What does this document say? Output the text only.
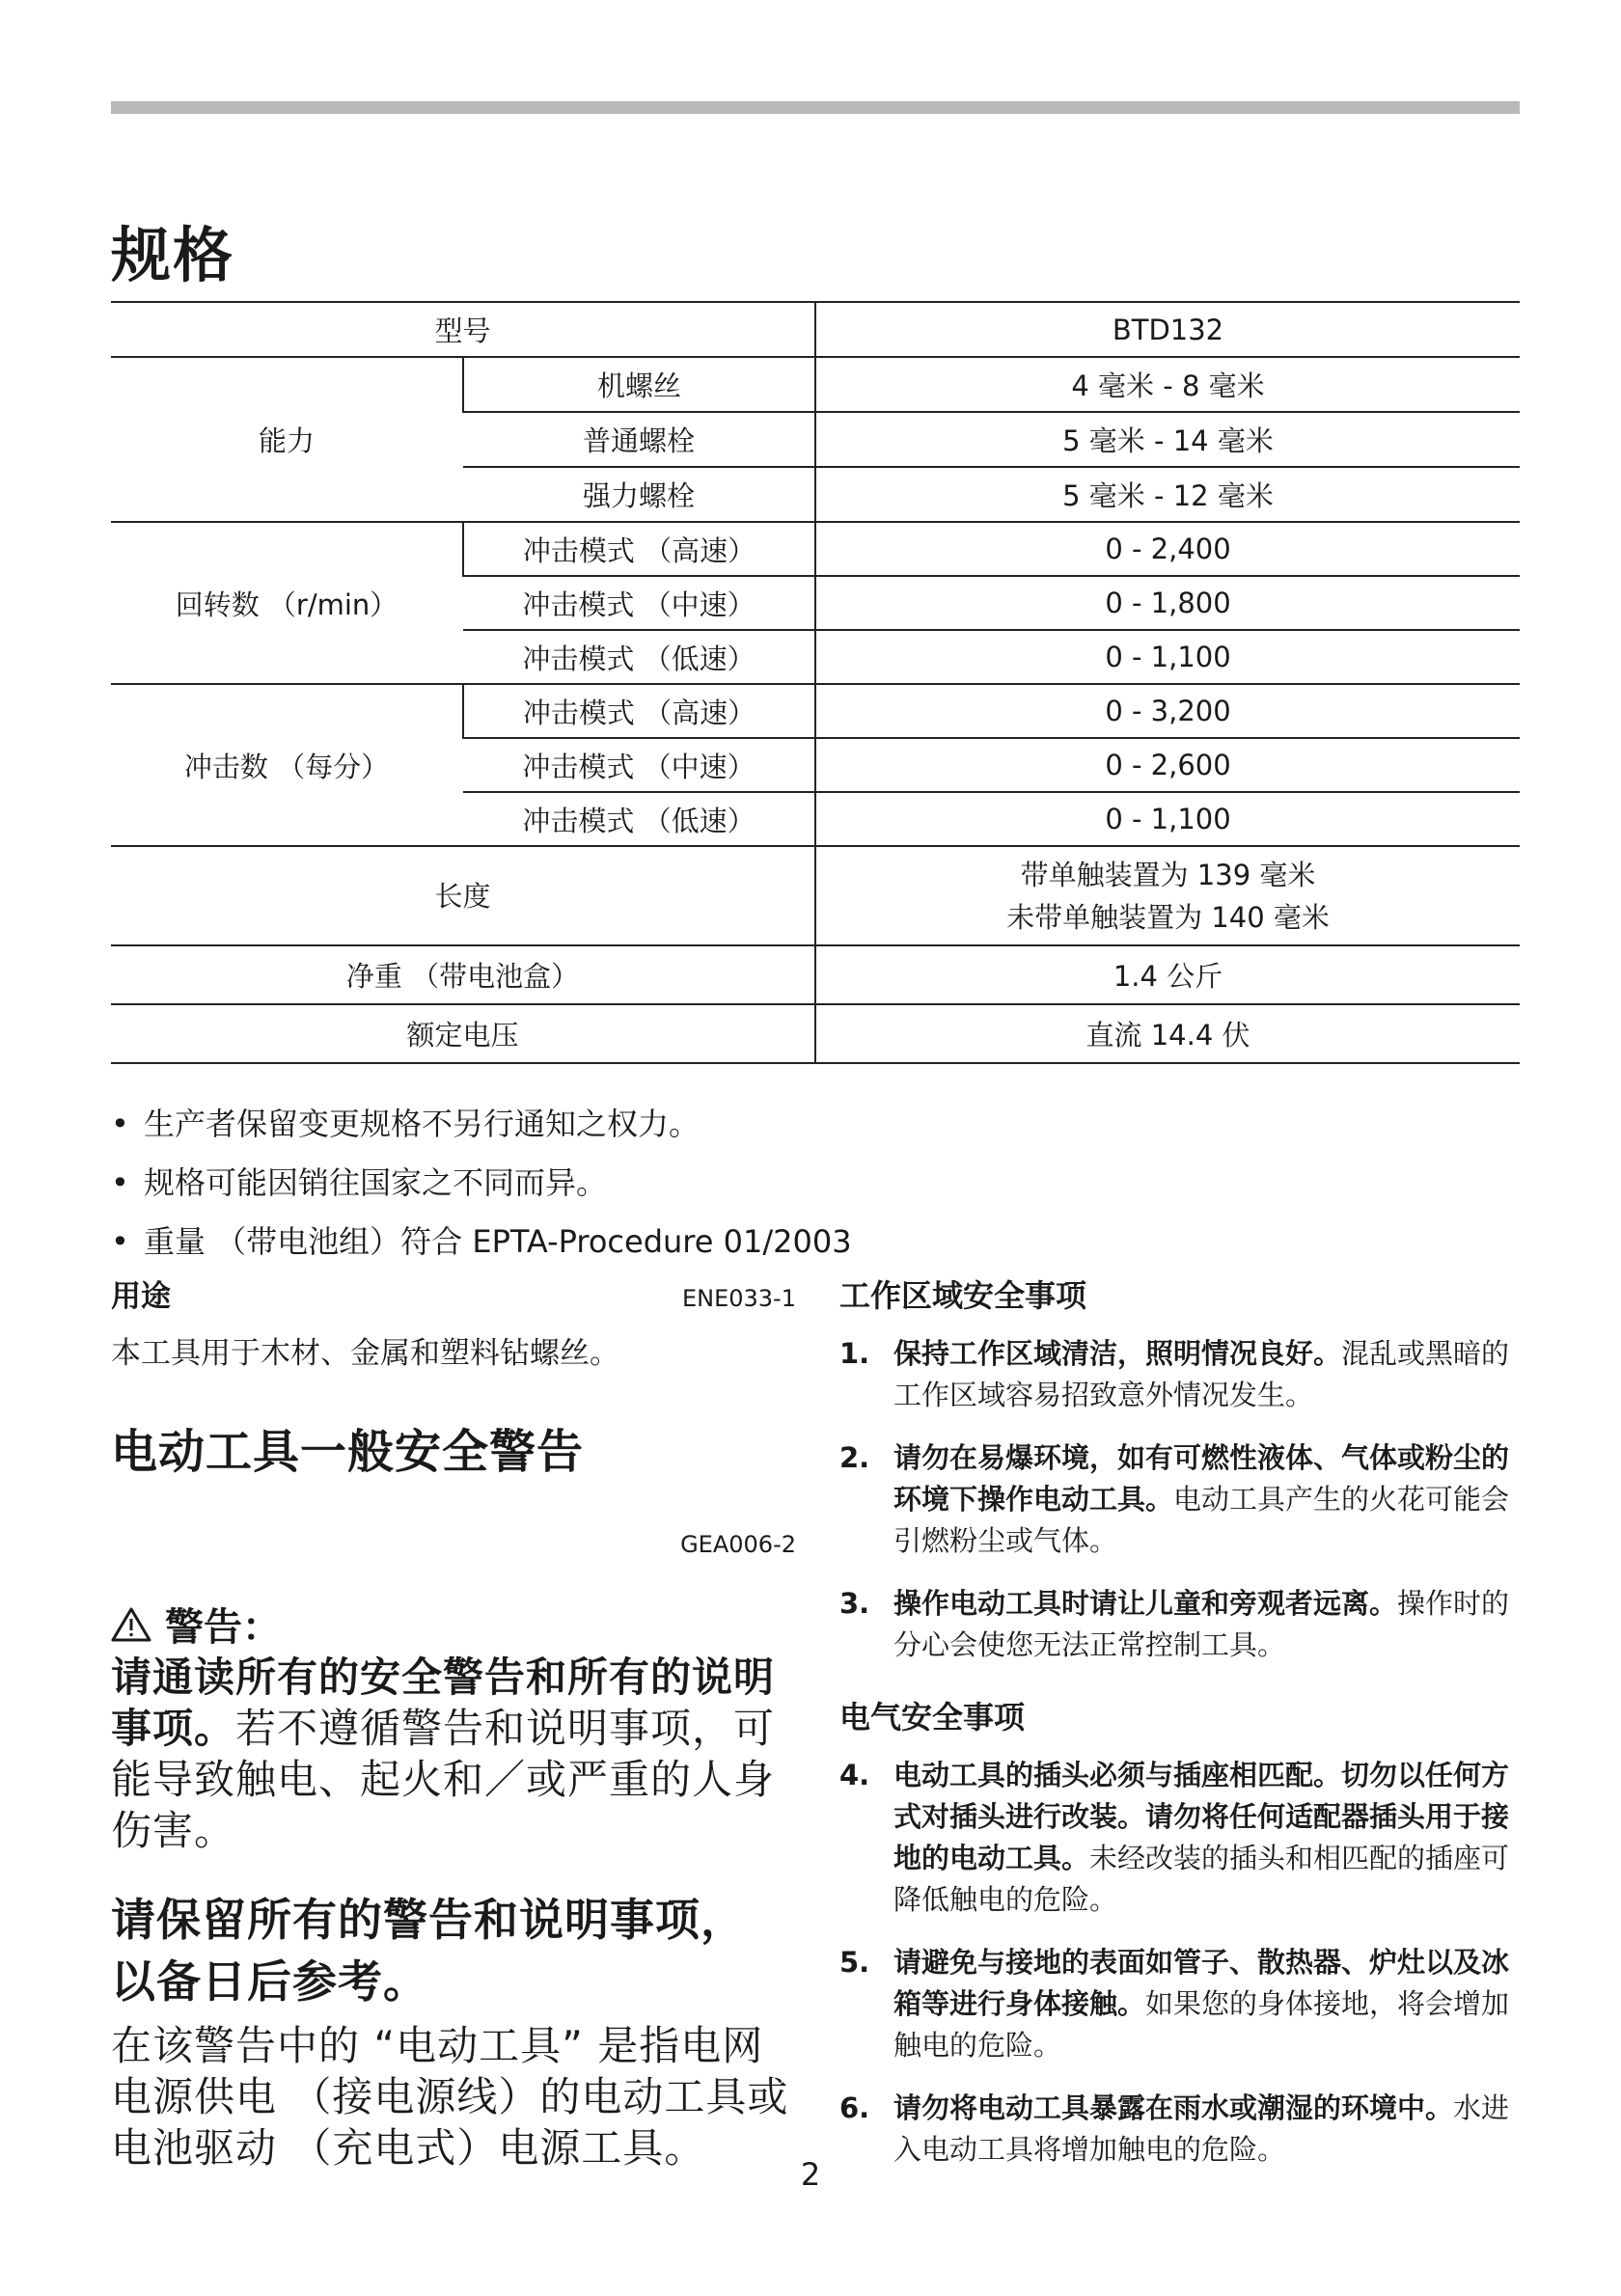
规格
型号		BTD132
能力	机螺丝	4 毫米 - 8 毫米
	普通螺栓	5 毫米 - 14 毫米
	强力螺栓	5 毫米 - 12 毫米
回转数 （r/min）	冲击模式 （高速）	0 - 2,400
	冲击模式 （中速）	0 - 1,800
	冲击模式 （低速）	0 - 1,100
冲击数 （每分）	冲击模式 （高速）	0 - 3,200
	冲击模式 （中速）	0 - 2,600
	冲击模式 （低速）	0 - 1,100
长度		带单触装置为 139 毫米
未带单触装置为 140 毫米

净重 （带电池盒）		1.4 公斤
额定电压		直流 14.4 伏
• 生产者保留变更规格不另行通知之权力。
• 规格可能因销往国家之不同而异。
• 重量 （带电池组）符合 EPTA-Procedure 01/2003
用途	ENE033-1
本工具用于木材、金属和塑料钻螺丝。
电动工具一般安全警告
GEA006-2
警告：
请通读所有的安全警告和所有的说明事项。若不遵循警告和说明事项，可能导致触电、起火和／或严重的人身伤害。
请保留所有的警告和说明事项，
以备日后参考。
在该警告中的 “电动工具” 是指电网电源供电 （接电源线）的电动工具或电池驱动 （充电式）电源工具。
工作区域安全事项
1. 保持工作区域清洁，照明情况良好。混乱或黑暗的工作区域容易招致意外情况发生。
2. 请勿在易爆环境，如有可燃性液体、气体或粉尘的环境下操作电动工具。电动工具产生的火花可能会引燃粉尘或气体。
3. 操作电动工具时请让儿童和旁观者远离。操作时的分心会使您无法正常控制工具。
电气安全事项
4. 电动工具的插头必须与插座相匹配。切勿以任何方式对插头进行改装。请勿将任何适配器插头用于接地的电动工具。未经改装的插头和相匹配的插座可降低触电的危险。
5. 请避免与接地的表面如管子、散热器、炉灶以及冰箱等进行身体接触。如果您的身体接地，将会增加触电的危险。
6. 请勿将电动工具暴露在雨水或潮湿的环境中。水进入电动工具将增加触电的危险。
2
